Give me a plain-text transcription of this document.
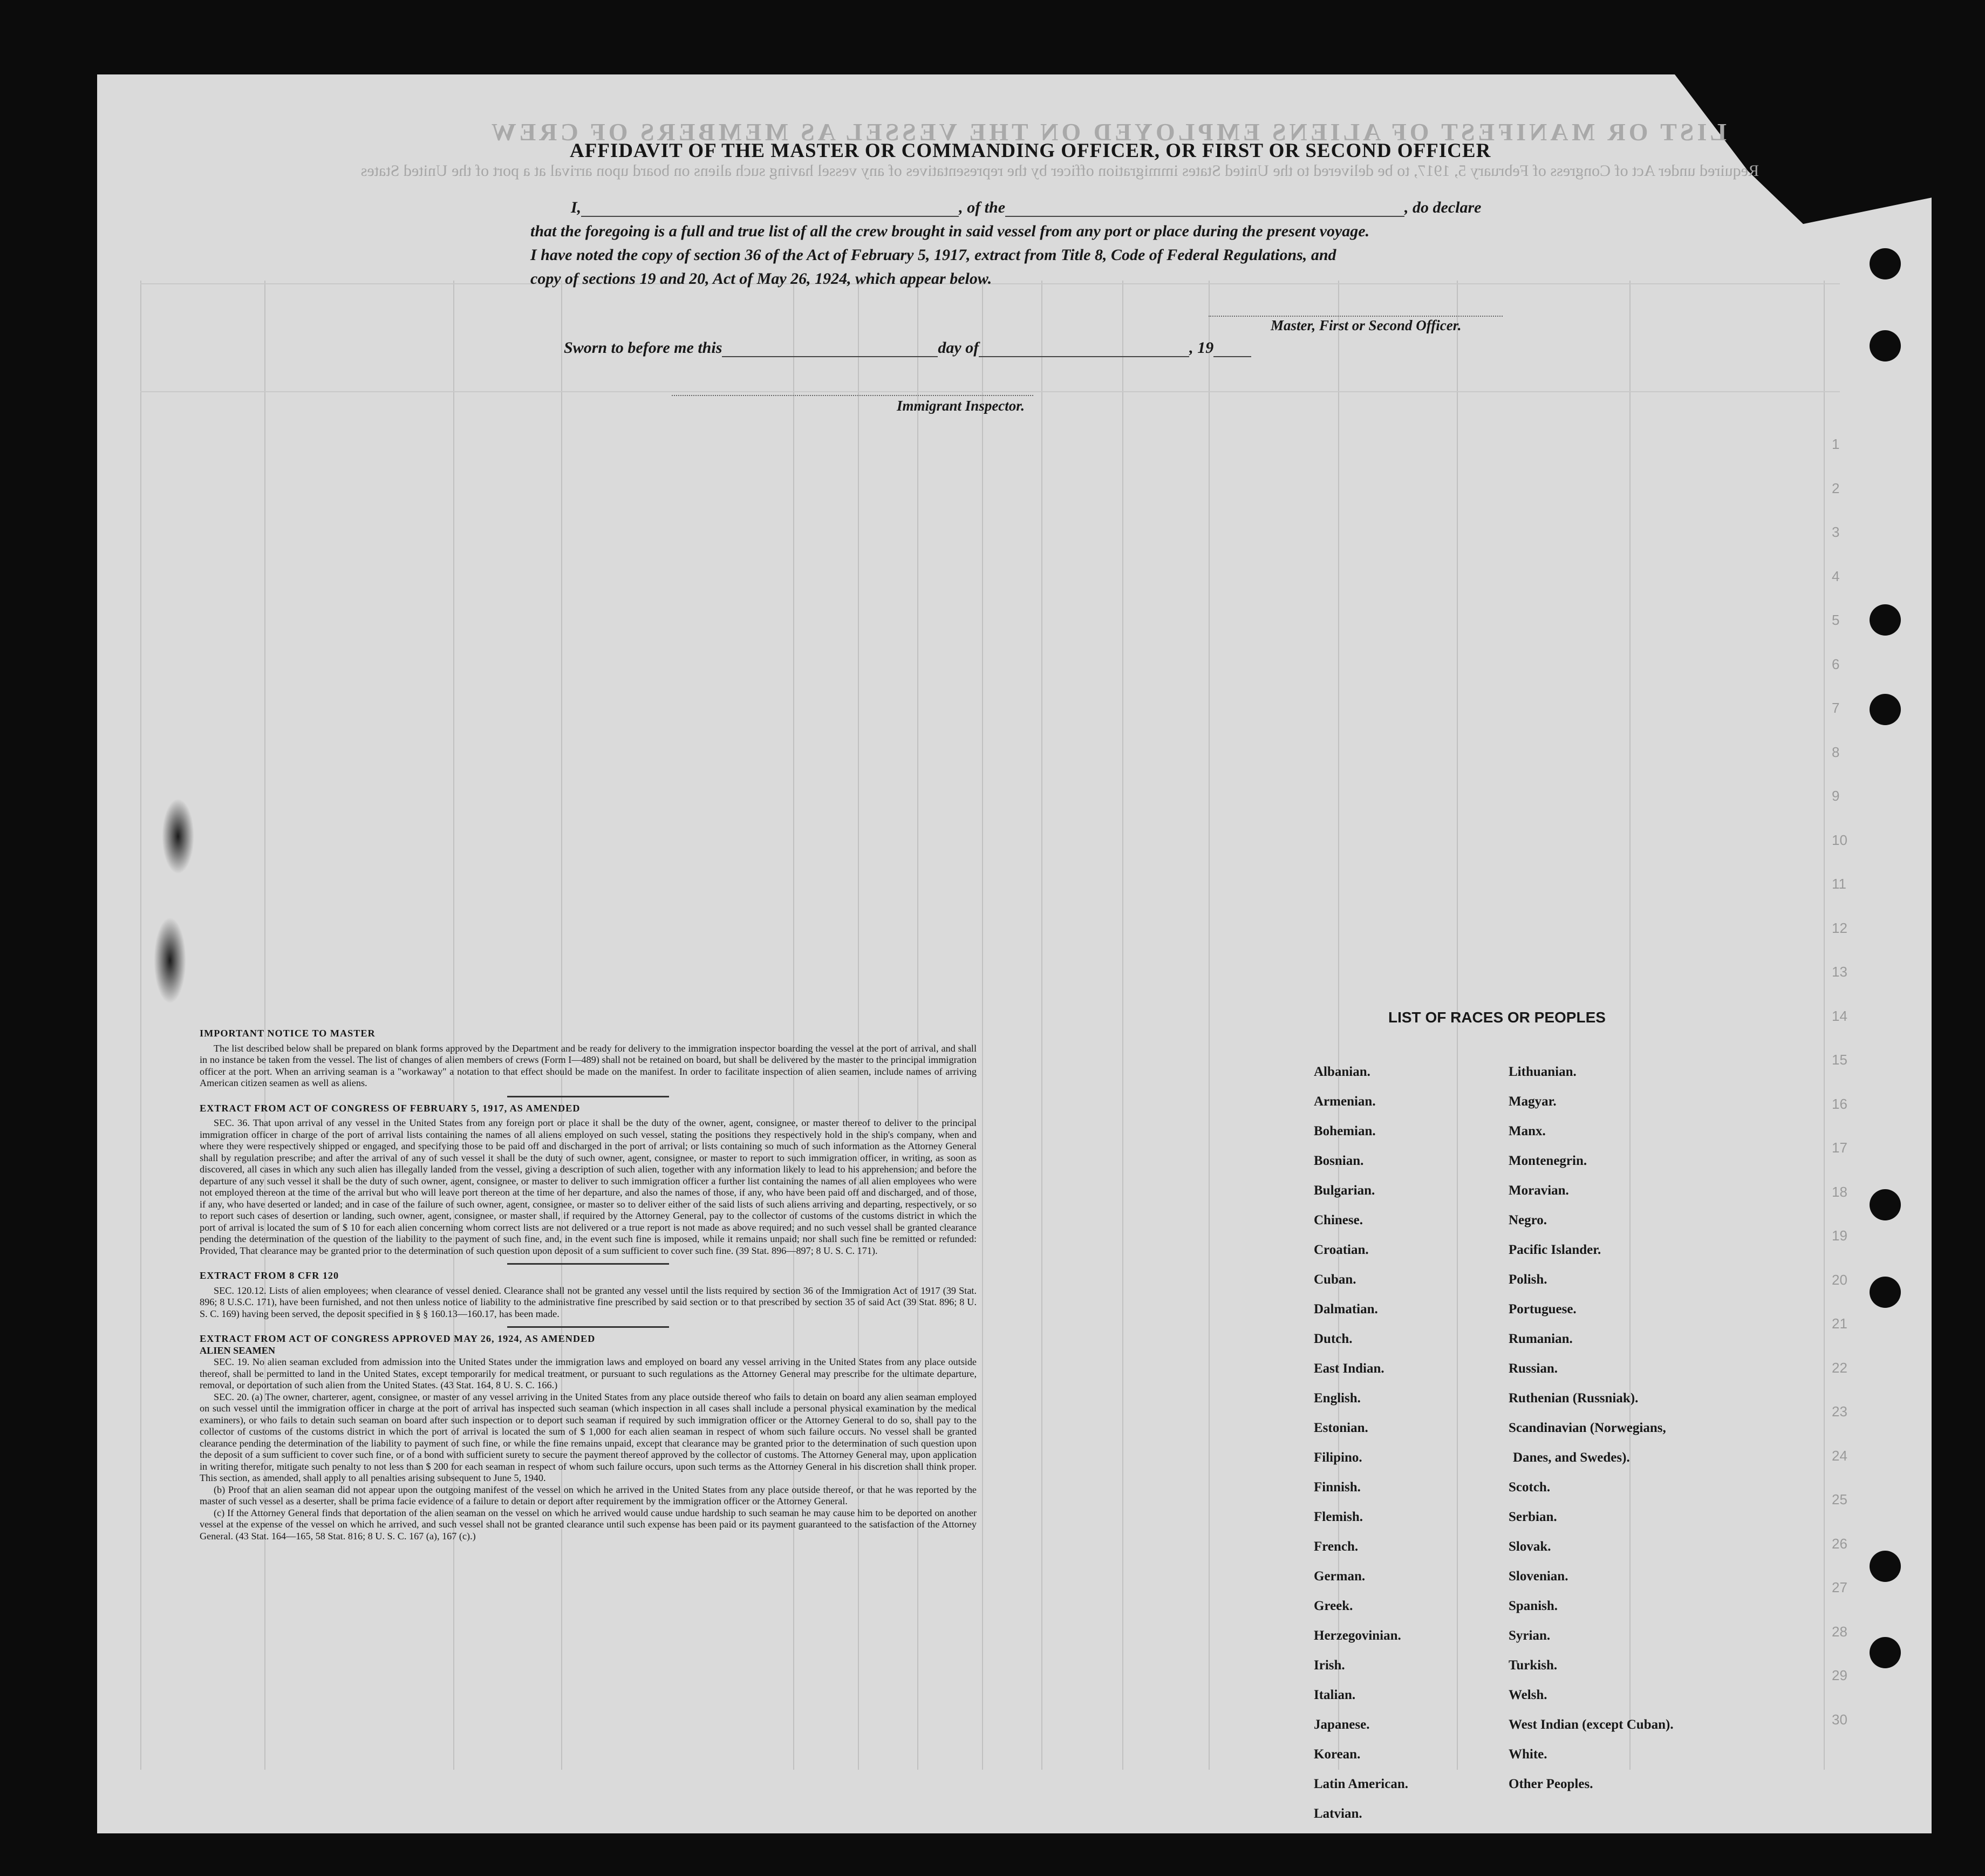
LIST OR MANIFEST OF ALIENS EMPLOYED ON THE VESSEL AS MEMBERS OF CREW
Required under Act of Congress of February 5, 1917, to be delivered to the United States immigration officer by the representatives of any vessel having such aliens on board upon arrival at a port of the United States
1
2
3
4
5
6
7
8
9
10
11
12
13
14
15
16
17
18
19
20
21
22
23
24
25
26
27
28
29
30
AFFIDAVIT OF THE MASTER OR COMMANDING OFFICER, OR FIRST OR SECOND OFFICER
I,	, of the	, do declare
that the foregoing is a full and true list of all the crew brought in said vessel from any port or place during the present voyage.
I have noted the copy of section 36 of the Act of February 5, 1917, extract from Title 8, Code of Federal Regulations, and
copy of sections 19 and 20, Act of May 26, 1924, which appear below.
Master, First or Second Officer.
Sworn to before me this	day of	, 19
Immigrant Inspector.

IMPORTANT NOTICE TO MASTER

The list described below shall be prepared on blank forms approved by the Department and be ready for delivery to the immigration inspector boarding the vessel at the port of arrival, and shall in no instance be taken from the vessel. The list of changes of alien members of crews (Form I—489) shall not be retained on board, but shall be delivered by the master to the principal immigration officer at the port. When an arriving seaman is a "workaway" a notation to that effect should be made on the manifest. In order to facilitate inspection of alien seamen, include names of arriving American citizen seamen as well as aliens.

EXTRACT FROM ACT OF CONGRESS OF FEBRUARY 5, 1917, AS AMENDED

SEC. 36. That upon arrival of any vessel in the United States from any foreign port or place it shall be the duty of the owner, agent, consignee, or master thereof to deliver to the principal immigration officer in charge of the port of arrival lists containing the names of all aliens employed on such vessel, stating the positions they respectively hold in the ship's company, when and where they were respectively shipped or engaged, and specifying those to be paid off and discharged in the port of arrival; or lists containing so much of such information as the Attorney General shall by regulation prescribe; and after the arrival of any of such vessel it shall be the duty of such owner, agent, consignee, or master to report to such immigration officer, in writing, as soon as discovered, all cases in which any such alien has illegally landed from the vessel, giving a description of such alien, together with any information likely to lead to his apprehension; and before the departure of any such vessel it shall be the duty of such owner, agent, consignee, or master to deliver to such immigration officer a further list containing the names of all alien employees who were not employed thereon at the time of the arrival but who will leave port thereon at the time of her departure, and also the names of those, if any, who have been paid off and discharged, and of those, if any, who have deserted or landed; and in case of the failure of such owner, agent, consignee, or master so to deliver either of the said lists of such aliens arriving and departing, respectively, or so to report such cases of desertion or landing, such owner, agent, consignee, or master shall, if required by the Attorney General, pay to the collector of customs of the customs district in which the port of arrival is located the sum of $ 10 for each alien concerning whom correct lists are not delivered or a true report is not made as above required; and no such vessel shall be granted clearance pending the determination of the question of the liability to the payment of such fine, and, in the event such fine is imposed, while it remains unpaid; nor shall such fine be remitted or refunded: Provided, That clearance may be granted prior to the determination of such question upon deposit of a sum sufficient to cover such fine. (39 Stat. 896—897; 8 U. S. C. 171).

EXTRACT FROM 8 CFR 120

SEC. 120.12. Lists of alien employees; when clearance of vessel denied. Clearance shall not be granted any vessel until the lists required by section 36 of the Immigration Act of 1917 (39 Stat. 896; 8 U.S.C. 171), have been furnished, and not then unless notice of liability to the administrative fine prescribed by said section or to that prescribed by section 35 of said Act (39 Stat. 896; 8 U. S. C. 169) having been served, the deposit specified in § § 160.13—160.17, has been made.

EXTRACT FROM ACT OF CONGRESS APPROVED MAY 26, 1924, AS AMENDED

ALIEN SEAMEN

SEC. 19. No alien seaman excluded from admission into the United States under the immigration laws and employed on board any vessel arriving in the United States from any place outside thereof, shall be permitted to land in the United States, except temporarily for medical treatment, or pursuant to such regulations as the Attorney General may prescribe for the ultimate departure, removal, or deportation of such alien from the United States. (43 Stat. 164, 8 U. S. C. 166.)

SEC. 20. (a) The owner, charterer, agent, consignee, or master of any vessel arriving in the United States from any place outside thereof who fails to detain on board any alien seaman employed on such vessel until the immigration officer in charge at the port of arrival has inspected such seaman (which inspection in all cases shall include a personal physical examination by the medical examiners), or who fails to detain such seaman on board after such inspection or to deport such seaman if required by such immigration officer or the Attorney General to do so, shall pay to the collector of customs of the customs district in which the port of arrival is located the sum of $ 1,000 for each alien seaman in respect of whom such failure occurs. No vessel shall be granted clearance pending the determination of the liability to payment of such fine, or while the fine remains unpaid, except that clearance may be granted prior to the determination of such question upon the deposit of a sum sufficient to cover such fine, or of a bond with sufficient surety to secure the payment thereof approved by the collector of customs. The Attorney General may, upon application in writing therefor, mitigate such penalty to not less than $ 200 for each seaman in respect of whom such failure occurs, upon such terms as the Attorney General in his discretion shall think proper. This section, as amended, shall apply to all penalties arising subsequent to June 5, 1940.

(b) Proof that an alien seaman did not appear upon the outgoing manifest of the vessel on which he arrived in the United States from any place outside thereof, or that he was reported by the master of such vessel as a deserter, shall be prima facie evidence of a failure to detain or deport after requirement by the immigration officer or the Attorney General.

(c) If the Attorney General finds that deportation of the alien seaman on the vessel on which he arrived would cause undue hardship to such seaman he may cause him to be deported on another vessel at the expense of the vessel on which he arrived, and such vessel shall not be granted clearance until such expense has been paid or its payment guaranteed to the satisfaction of the Attorney General. (43 Stat. 164—165, 58 Stat. 816; 8 U. S. C. 167 (a), 167 (c).)

LIST OF RACES OR PEOPLES
Albanian.
Armenian.
Bohemian.
Bosnian.
Bulgarian.
Chinese.
Croatian.
Cuban.
Dalmatian.
Dutch.
East Indian.
English.
Estonian.
Filipino.
Finnish.
Flemish.
French.
German.
Greek.
Herzegovinian.
Irish.
Italian.
Japanese.
Korean.
Latin American.
Latvian.
Lithuanian.
Magyar.
Manx.
Montenegrin.
Moravian.
Negro.
Pacific Islander.
Polish.
Portuguese.
Rumanian.
Russian.
Ruthenian (Russniak).
Scandinavian (Norwegians,
Danes, and Swedes).
Scotch.
Serbian.
Slovak.
Slovenian.
Spanish.
Syrian.
Turkish.
Welsh.
West Indian (except Cuban).
White.
Other Peoples.
